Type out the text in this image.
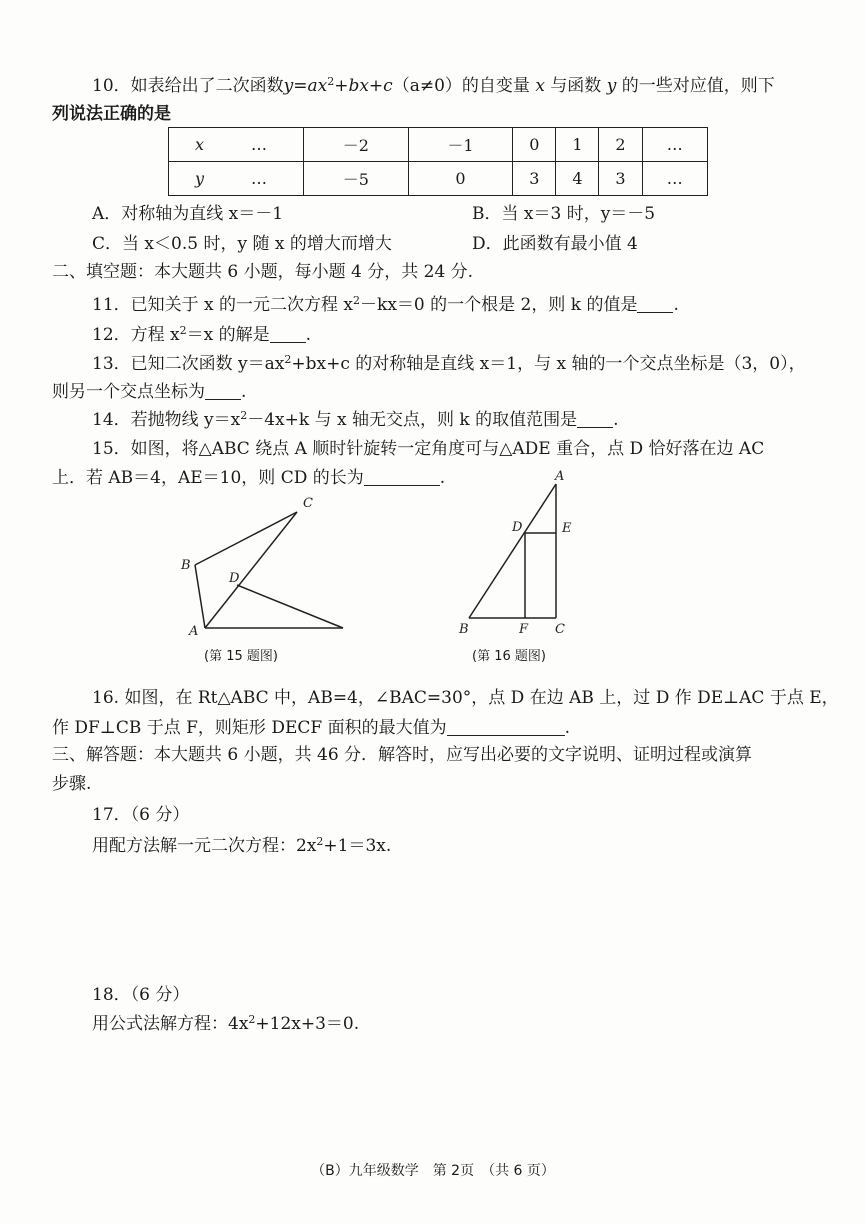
10．如表给出了二次函数$y=ax^2+bx+c(a\ne 0)$的自变量 x 与函数 y 的一些对应值，则下
列说法正确的是
x …	－2	－1	0	1	2	…
y …	－5	0	3	4	3	…
A．对称轴为直线 x＝－1	B．当 x＝3 时，y＝－5
C．当 x＜0.5 时，y 随 x 的增大而增大	D．此函数有最小值 4
二、填空题：本大题共 6 小题，每小题 4 分，共 24 分.
11．已知关于 x 的一元二次方程 $x^2-kx=0$ 的一个根是 2，则 k 的值是 .
12．方程 $x^2=x$ 的解是 .
13．已知二次函数 $y=ax^2+bx+c$ 的对称轴是直线 x＝1，与 x 轴的一个交点坐标是（3，0），
则另一个交点坐标为 .
14．若抛物线 $y=x^2-4x+k$ 与 x 轴无交点，则 k 的取值范围是 .
15．如图，将△ABC 绕点 A 顺时针旋转一定角度可与△ADE 重合，点 D 恰好落在边 AC
上．若 AB＝4，AE＝10，则 CD 的长为	.
C
B
D
A
(第 15 题图)
A
D	E
B	F C
(第 16 题图)
16. 如图，在 Rt△ABC 中，AB=4，∠BAC=30°，点 D 在边 AB 上，过 D 作 DE⊥AC 于点 E，
作 DF⊥CB 于点 F，则矩形 DECF 面积的最大值为	.
三、解答题：本大题共 6 小题，共 46 分．解答时，应写出必要的文字说明、证明过程或演算
步骤.
17．（6 分）
用配方法解一元二次方程：$2x^2+1=3x$.
18．（6 分）
用公式法解方程：$4x^2+12x+3=0$.
（B）九年级数学　第 2页　（共 6 页）
